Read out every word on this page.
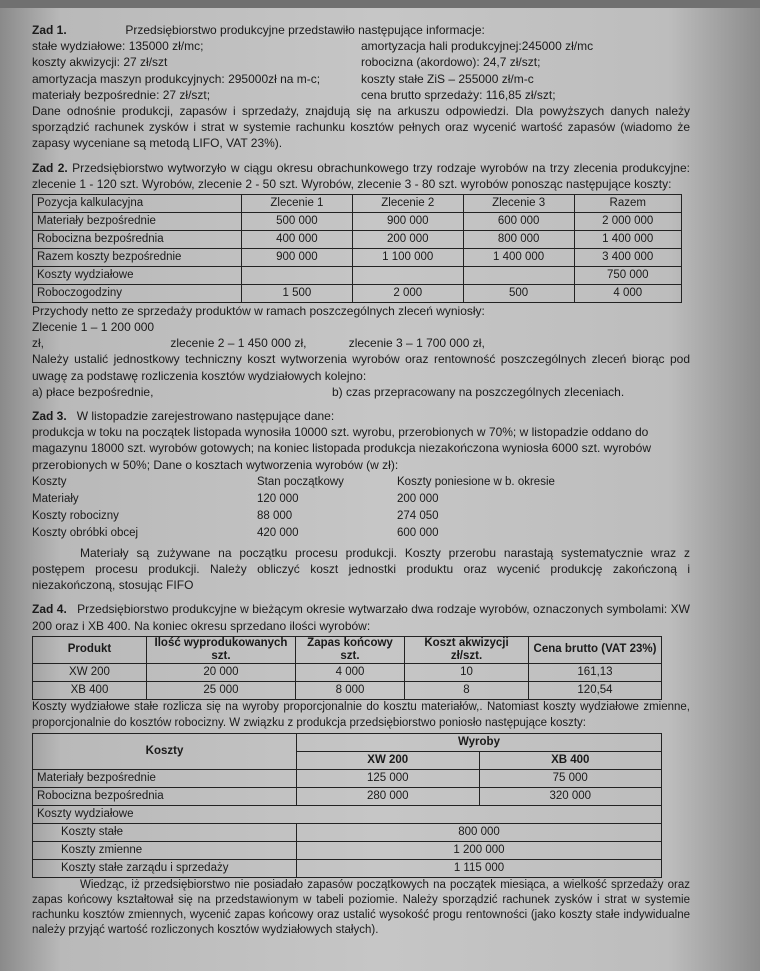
Zad 1.	Przedsiębiorstwo produkcyjne przedstawiło następujące informacje:

stałe wydziałowe: 135000 zł/mc;	amortyzacja hali produkcyjnej:245000 zł/mc
koszty akwizycji: 27 zł/szt	robocizna (akordowo): 24,7 zł/szt;
amortyzacja maszyn produkcyjnych: 295000zł na m-c;	koszty stałe ZiS – 255000 zł/m-c
materiały bezpośrednie: 27 zł/szt;	cena brutto sprzedaży: 116,85 zł/szt;

Dane odnośnie produkcji, zapasów i sprzedaży, znajdują się na arkuszu odpowiedzi. Dla powyższych danych należy sporządzić rachunek zysków i strat w systemie rachunku kosztów pełnych oraz wycenić wartość zapasów (wiadomo że zapasy wyceniane są metodą LIFO, VAT 23%).

Zad 2. Przedsiębiorstwo wytworzyło w ciągu okresu obrachunkowego trzy rodzaje wyrobów na trzy zlecenia produkcyjne: zlecenie 1 - 120 szt. Wyrobów, zlecenie 2 - 50 szt. Wyrobów, zlecenie 3 - 80 szt. wyrobów ponosząc następujące koszty:

Pozycja kalkulacyjna	Zlecenie 1	Zlecenie 2	Zlecenie 3	Razem
Materiały bezpośrednie	500 000	900 000	600 000	2 000 000
Robocizna bezpośrednia	400 000	200 000	800 000	1 400 000
Razem koszty bezpośrednie	900 000	1 100 000	1 400 000	3 400 000
Koszty wydziałowe				750 000
Roboczogodziny	1 500	2 000	500	4 000

Przychody netto ze sprzedaży produktów w ramach poszczególnych zleceń wyniosły:

Zlecenie 1 – 1 200 000 zł,	zlecenie 2 – 1 450 000 zł,	zlecenie 3 – 1 700 000 zł,

Należy ustalić jednostkowy techniczny koszt wytworzenia wyrobów oraz rentowność poszczególnych zleceń biorąc pod uwagę za podstawę rozliczenia kosztów wydziałowych kolejno:

a) płace bezpośrednie,	b) czas przepracowany na poszczególnych zleceniach.

Zad 3. W listopadzie zarejestrowano następujące dane:

produkcja w toku na początek listopada wynosiła 10000 szt. wyrobu, przerobionych w 70%; w listopadzie oddano do magazynu 18000 szt. wyrobów gotowych; na koniec listopada produkcja niezakończona wyniosła 6000 szt. wyrobów przerobionych w 50%; Dane o kosztach wytworzenia wyrobów (w zł):

Koszty	Stan początkowy	Koszty poniesione w b. okresie
Materiały	120 000	200 000
Koszty robocizny	88 000	274 050
Koszty obróbki obcej	420 000	600 000

Materiały są zużywane na początku procesu produkcji. Koszty przerobu narastają systematycznie wraz z postępem procesu produkcji. Należy obliczyć koszt jednostki produktu oraz wycenić produkcję zakończoną i niezakończoną, stosując FIFO

Zad 4. Przedsiębiorstwo produkcyjne w bieżącym okresie wytwarzało dwa rodzaje wyrobów, oznaczonych symbolami: XW 200 oraz i XB 400. Na koniec okresu sprzedano ilości wyrobów:

Produkt	Ilość wyprodukowanych szt.	Zapas końcowy szt.	Koszt akwizycji zł/szt.	Cena brutto (VAT 23%)
XW 200	20 000	4 000	10	161,13
XB 400	25 000	8 000	8	120,54

Koszty wydziałowe stałe rozlicza się na wyroby proporcjonalnie do kosztu materiałów,. Natomiast koszty wydziałowe zmienne, proporcjonalnie do kosztów robocizny. W związku z produkcja przedsiębiorstwo poniosło następujące koszty:

Koszty	Wyroby	
	XW 200	XB 400
Materiały bezpośrednie	125 000	75 000
Robocizna bezpośrednia	280 000	320 000
Koszty wydziałowe		
Koszty stałe	800 000	
Koszty zmienne	1 200 000	
Koszty stałe zarządu i sprzedaży	1 115 000	

Wiedząc, iż przedsiębiorstwo nie posiadało zapasów początkowych na początek miesiąca, a wielkość sprzedaży oraz zapas końcowy kształtował się na przedstawionym w tabeli poziomie. Należy sporządzić rachunek zysków i strat w systemie rachunku kosztów zmiennych, wycenić zapas końcowy oraz ustalić wysokość progu rentowności (jako koszty stałe indywidualne należy przyjąć wartość rozliczonych kosztów wydziałowych stałych).
